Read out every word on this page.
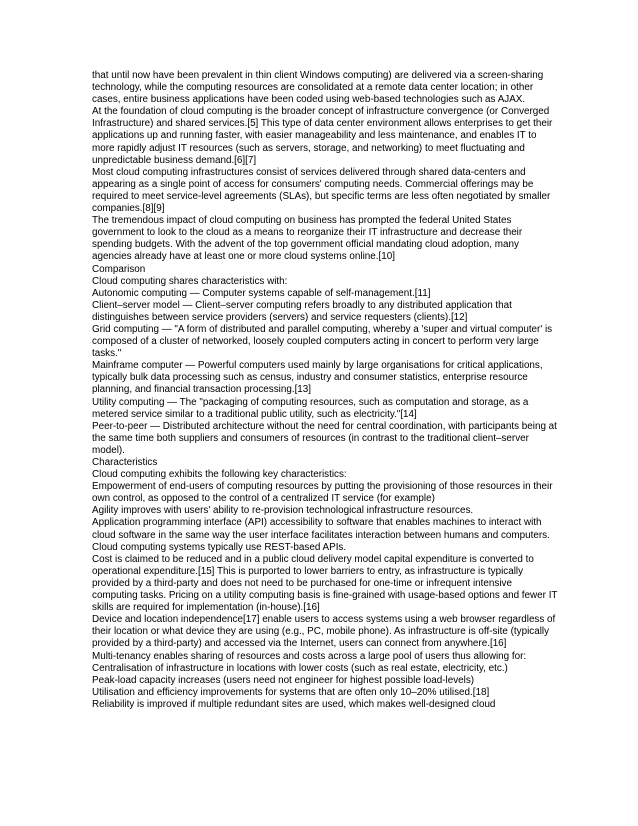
that until now have been prevalent in thin client Windows computing) are delivered via a screen-sharing technology, while the computing resources are consolidated at a remote data center location; in other cases, entire business applications have been coded using web-based technologies such as AJAX.

At the foundation of cloud computing is the broader concept of infrastructure convergence (or Converged Infrastructure) and shared services.[5] This type of data center environment allows enterprises to get their applications up and running faster, with easier manageability and less maintenance, and enables IT to more rapidly adjust IT resources (such as servers, storage, and networking) to meet fluctuating and unpredictable business demand.[6][7]

Most cloud computing infrastructures consist of services delivered through shared data-centers and appearing as a single point of access for consumers' computing needs. Commercial offerings may be required to meet service-level agreements (SLAs), but specific terms are less often negotiated by smaller companies.[8][9]

The tremendous impact of cloud computing on business has prompted the federal United States government to look to the cloud as a means to reorganize their IT infrastructure and decrease their spending budgets. With the advent of the top government official mandating cloud adoption, many agencies already have at least one or more cloud systems online.[10]

Comparison

Cloud computing shares characteristics with:

Autonomic computing — Computer systems capable of self-management.[11]

Client–server model — Client–server computing refers broadly to any distributed application that distinguishes between service providers (servers) and service requesters (clients).[12]

Grid computing — "A form of distributed and parallel computing, whereby a 'super and virtual computer' is composed of a cluster of networked, loosely coupled computers acting in concert to perform very large tasks."

Mainframe computer — Powerful computers used mainly by large organisations for critical applications, typically bulk data processing such as census, industry and consumer statistics, enterprise resource planning, and financial transaction processing.[13]

Utility computing — The "packaging of computing resources, such as computation and storage, as a metered service similar to a traditional public utility, such as electricity."[14]

Peer-to-peer — Distributed architecture without the need for central coordination, with participants being at the same time both suppliers and consumers of resources (in contrast to the traditional client–server model).

Characteristics

Cloud computing exhibits the following key characteristics:

Empowerment of end-users of computing resources by putting the provisioning of those resources in their own control, as opposed to the control of a centralized IT service (for example)

Agility improves with users' ability to re-provision technological infrastructure resources.

Application programming interface (API) accessibility to software that enables machines to interact with cloud software in the same way the user interface facilitates interaction between humans and computers. Cloud computing systems typically use REST-based APIs.

Cost is claimed to be reduced and in a public cloud delivery model capital expenditure is converted to operational expenditure.[15] This is purported to lower barriers to entry, as infrastructure is typically provided by a third-party and does not need to be purchased for one-time or infrequent intensive computing tasks. Pricing on a utility computing basis is fine-grained with usage-based options and fewer IT skills are required for implementation (in-house).[16]

Device and location independence[17] enable users to access systems using a web browser regardless of their location or what device they are using (e.g., PC, mobile phone). As infrastructure is off-site (typically provided by a third-party) and accessed via the Internet, users can connect from anywhere.[16]

Multi-tenancy enables sharing of resources and costs across a large pool of users thus allowing for:

Centralisation of infrastructure in locations with lower costs (such as real estate, electricity, etc.)

Peak-load capacity increases (users need not engineer for highest possible load-levels)

Utilisation and efficiency improvements for systems that are often only 10–20% utilised.[18]

Reliability is improved if multiple redundant sites are used, which makes well-designed cloud
